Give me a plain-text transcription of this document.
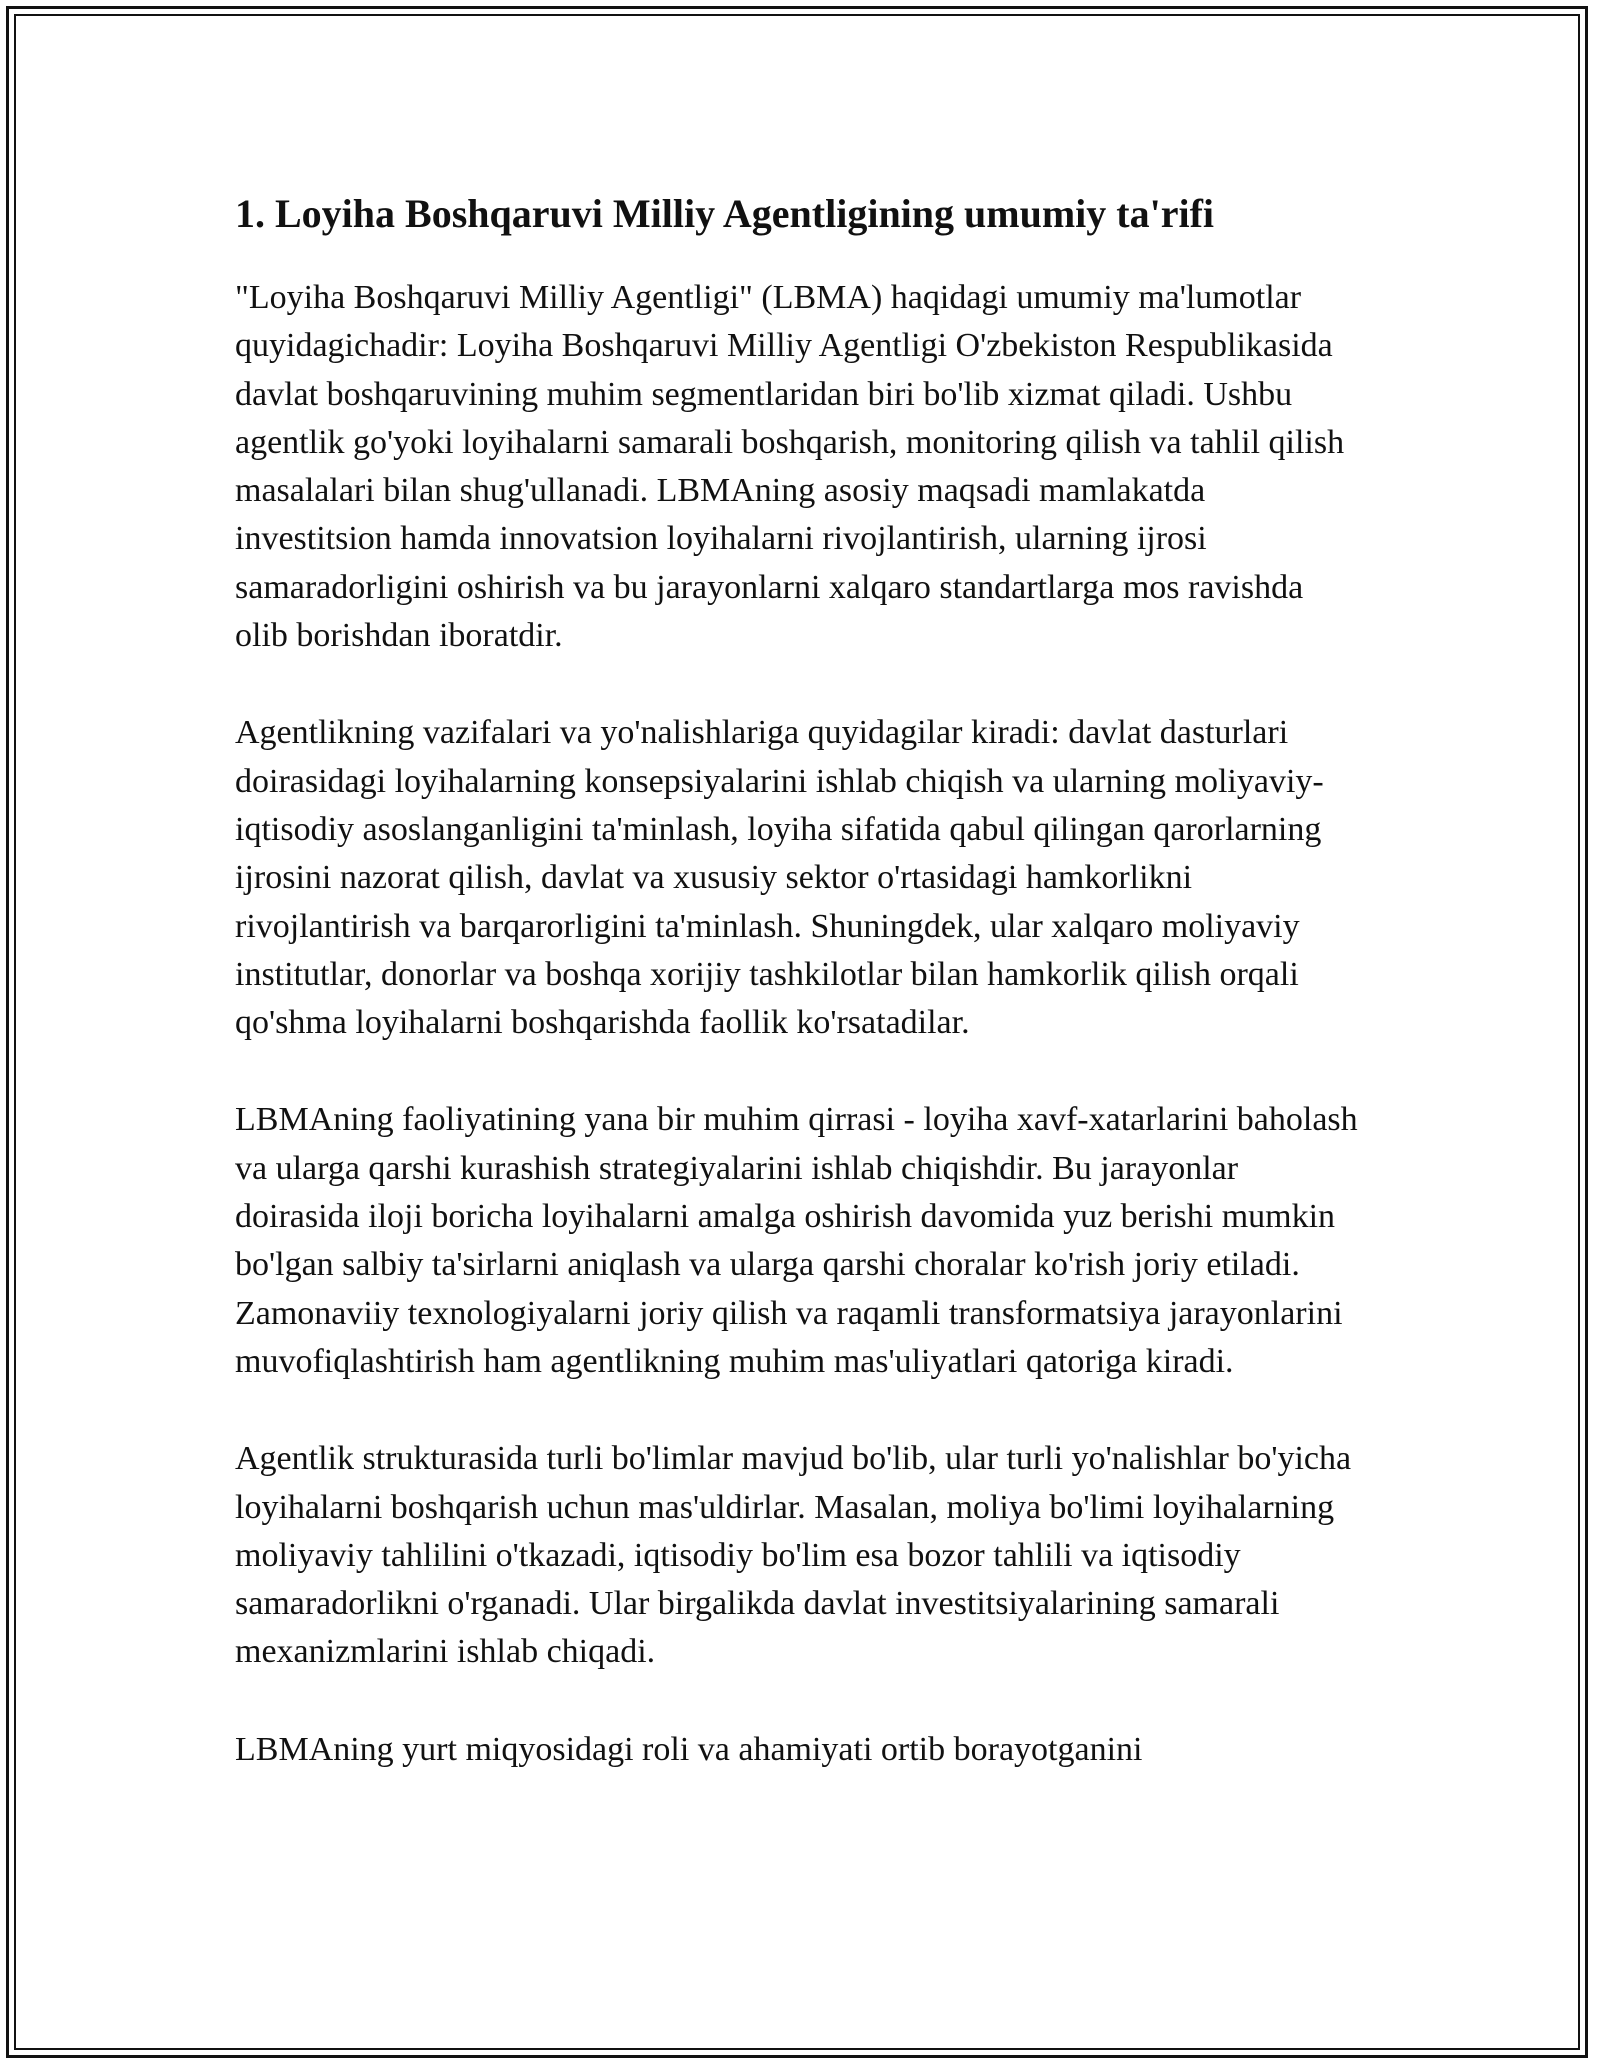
1. Loyiha Boshqaruvi Milliy Agentligining umumiy ta'rifi

"Loyiha Boshqaruvi Milliy Agentligi" (LBMA) haqidagi umumiy ma'lumotlar quyidagichadir: Loyiha Boshqaruvi Milliy Agentligi O'zbekiston Respublikasida davlat boshqaruvining muhim segmentlaridan biri bo'lib xizmat qiladi. Ushbu agentlik go'yoki loyihalarni samarali boshqarish, monitoring qilish va tahlil qilish masalalari bilan shug'ullanadi. LBMAning asosiy maqsadi mamlakatda investitsion hamda innovatsion loyihalarni rivojlantirish, ularning ijrosi samaradorligini oshirish va bu jarayonlarni xalqaro standartlarga mos ravishda olib borishdan iboratdir.

Agentlikning vazifalari va yo'nalishlariga quyidagilar kiradi: davlat dasturlari doirasidagi loyihalarning konsepsiyalarini ishlab chiqish va ularning moliyaviy-iqtisodiy asoslanganligini ta'minlash, loyiha sifatida qabul qilingan qarorlarning ijrosini nazorat qilish, davlat va xususiy sektor o'rtasidagi hamkorlikni rivojlantirish va barqarorligini ta'minlash. Shuningdek, ular xalqaro moliyaviy institutlar, donorlar va boshqa xorijiy tashkilotlar bilan hamkorlik qilish orqali qo'shma loyihalarni boshqarishda faollik ko'rsatadilar.

LBMAning faoliyatining yana bir muhim qirrasi - loyiha xavf-xatarlarini baholash va ularga qarshi kurashish strategiyalarini ishlab chiqishdir. Bu jarayonlar doirasida iloji boricha loyihalarni amalga oshirish davomida yuz berishi mumkin bo'lgan salbiy ta'sirlarni aniqlash va ularga qarshi choralar ko'rish joriy etiladi. Zamonaviiy texnologiyalarni joriy qilish va raqamli transformatsiya jarayonlarini muvofiqlashtirish ham agentlikning muhim mas'uliyatlari qatoriga kiradi.

Agentlik strukturasida turli bo'limlar mavjud bo'lib, ular turli yo'nalishlar bo'yicha loyihalarni boshqarish uchun mas'uldirlar. Masalan, moliya bo'limi loyihalarning moliyaviy tahlilini o'tkazadi, iqtisodiy bo'lim esa bozor tahlili va iqtisodiy samaradorlikni o'rganadi. Ular birgalikda davlat investitsiyalarining samarali mexanizmlarini ishlab chiqadi.

LBMAning yurt miqyosidagi roli va ahamiyati ortib borayotganini
